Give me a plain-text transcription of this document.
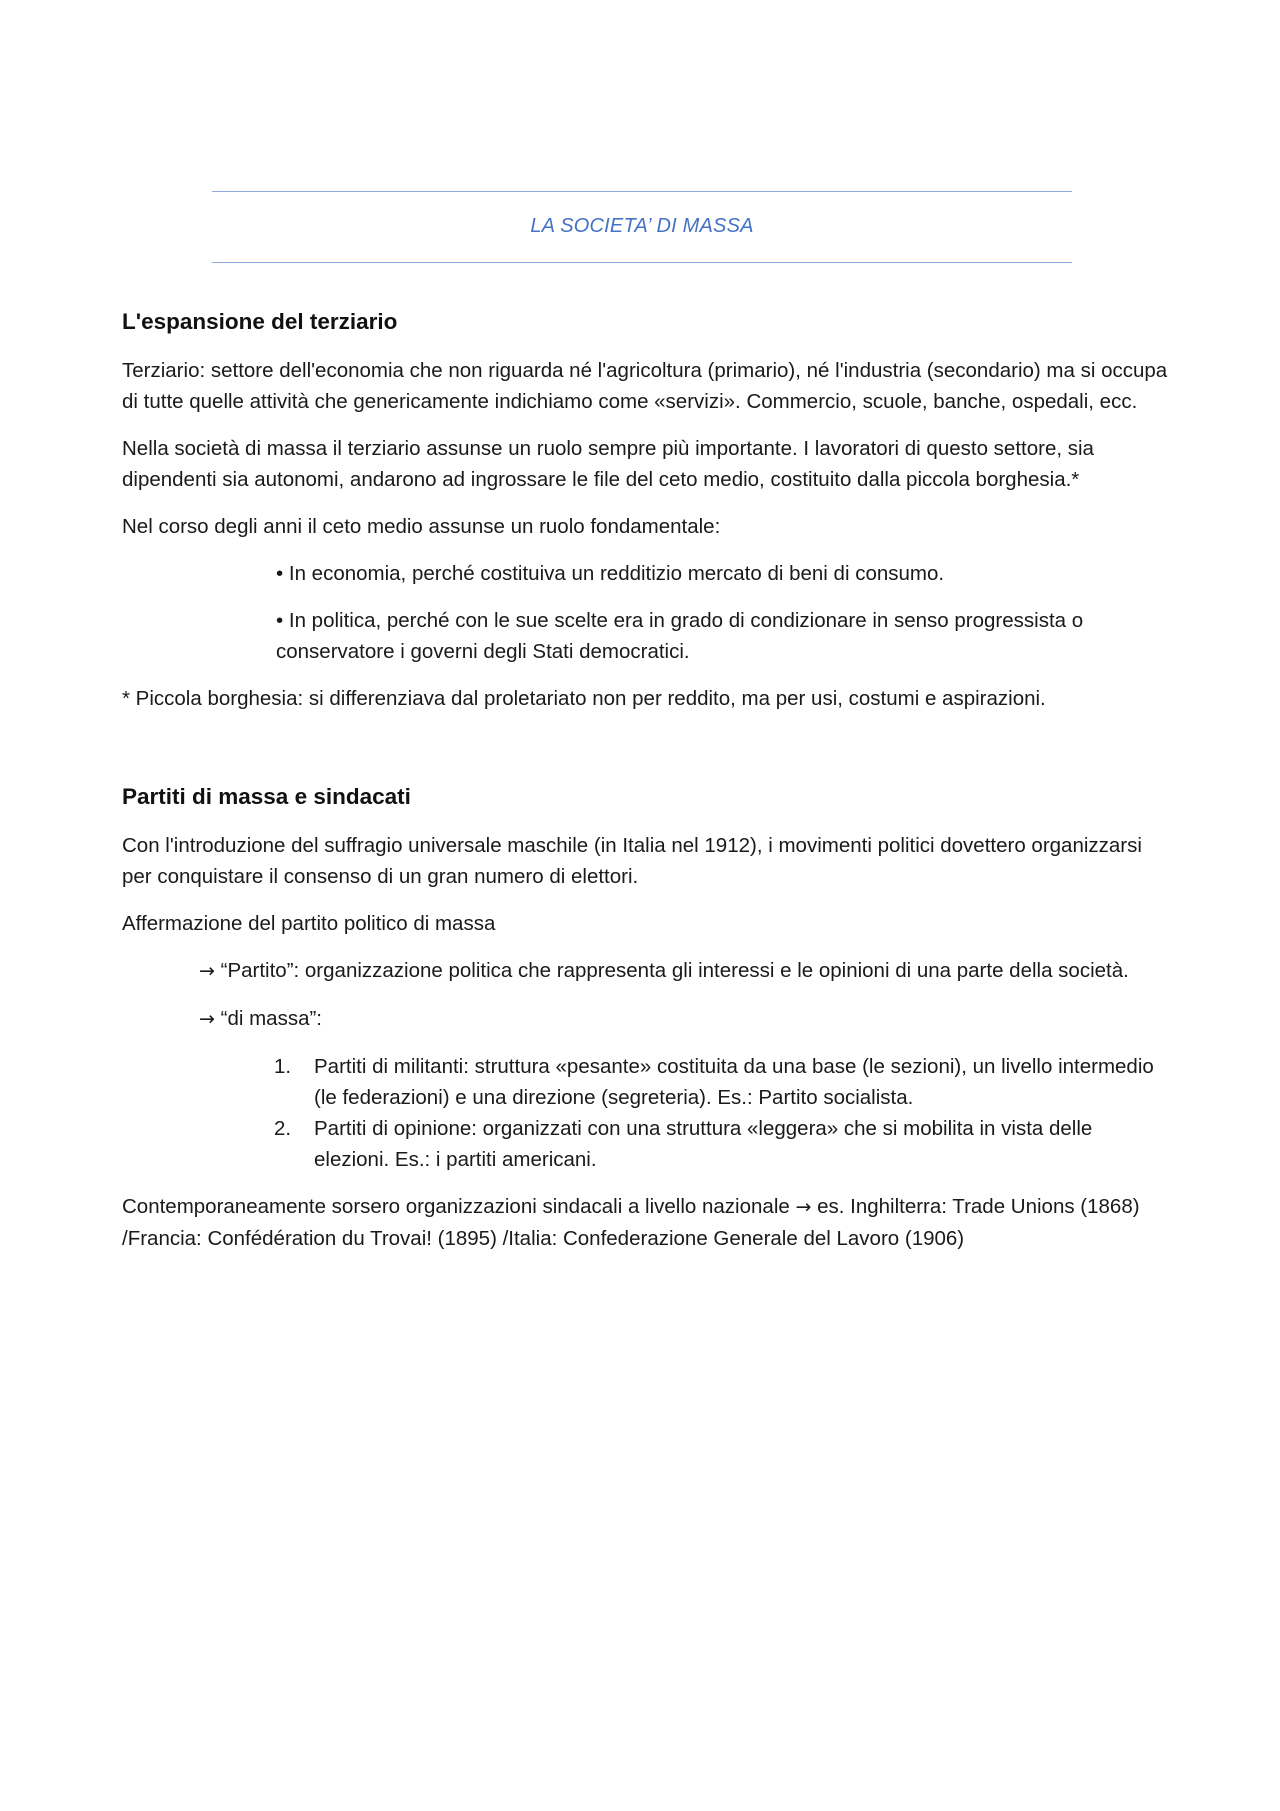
LA SOCIETA’ DI MASSA
L'espansione del terziario

Terziario: settore dell'economia che non riguarda né l'agricoltura (primario), né l'industria (secondario) ma si occupa di tutte quelle attività che genericamente indichiamo come «servizi». Commercio, scuole, banche, ospedali, ecc.

Nella società di massa il terziario assunse un ruolo sempre più importante. I lavoratori di questo settore, sia dipendenti sia autonomi, andarono ad ingrossare le file del ceto medio, costituito dalla piccola borghesia.*

Nel corso degli anni il ceto medio assunse un ruolo fondamentale:

• In economia, perché costituiva un redditizio mercato di beni di consumo.
• In politica, perché con le sue scelte era in grado di condizionare in senso progressista o conservatore i governi degli Stati democratici.

* Piccola borghesia: si differenziava dal proletariato non per reddito, ma per usi, costumi e aspirazioni.

Partiti di massa e sindacati

Con l'introduzione del suffragio universale maschile (in Italia nel 1912), i movimenti politici dovettero organizzarsi per conquistare il consenso di un gran numero di elettori.

Affermazione del partito politico di massa

→ “Partito”: organizzazione politica che rappresenta gli interessi e le opinioni di una parte della società.
→ “di massa”:
1. Partiti di militanti: struttura «pesante» costituita da una base (le sezioni), un livello intermedio (le federazioni) e una direzione (segreteria). Es.: Partito socialista.
2. Partiti di opinione: organizzati con una struttura «leggera» che si mobilita in vista delle elezioni. Es.: i partiti americani.

Contemporaneamente sorsero organizzazioni sindacali a livello nazionale → es. Inghilterra: Trade Unions (1868) /Francia: Confédération du Trovai! (1895) /Italia: Confederazione Generale del Lavoro (1906)
